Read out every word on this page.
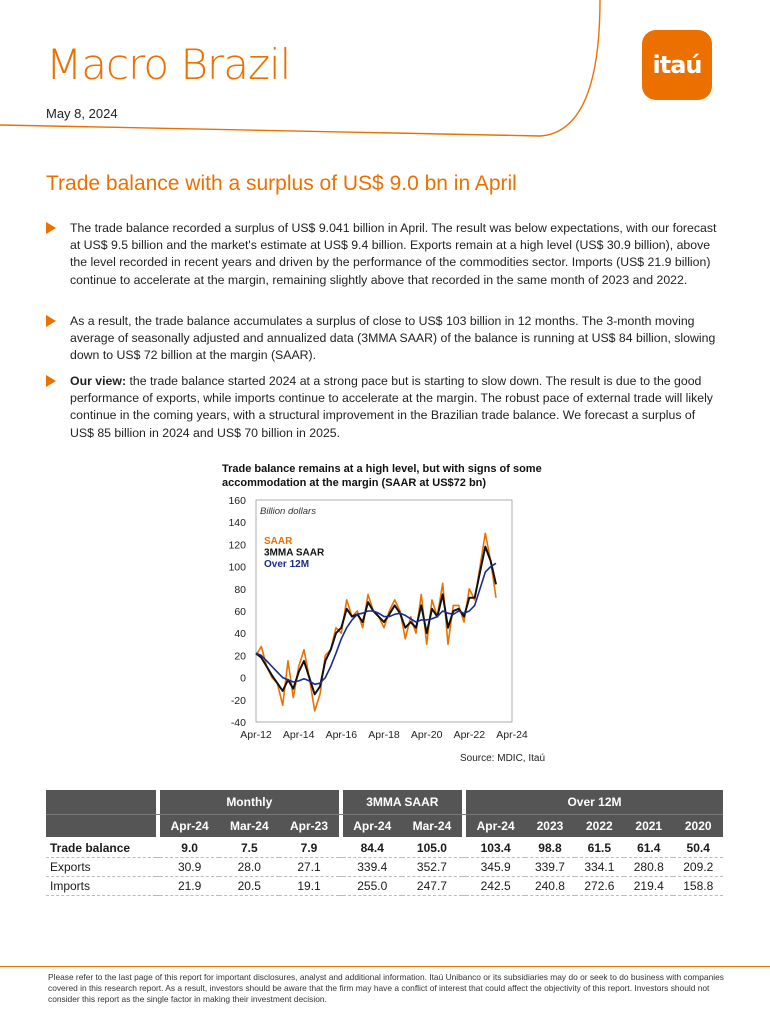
Macro Brazil
May 8, 2024
itaú
Trade balance with a surplus of US$ 9.0 bn in April
The trade balance recorded a surplus of US$ 9.041 billion in April. The result was below expectations, with our forecast at US$ 9.5 billion and the market's estimate at US$ 9.4 billion. Exports remain at a high level (US$ 30.9 billion), above the level recorded in recent years and driven by the performance of the commodities sector. Imports (US$ 21.9 billion) continue to accelerate at the margin, remaining slightly above that recorded in the same month of 2023 and 2022.
As a result, the trade balance accumulates a surplus of close to US$ 103 billion in 12 months. The 3-month moving average of seasonally adjusted and annualized data (3MMA SAAR) of the balance is running at US$ 84 billion, slowing down to US$ 72 billion at the margin (SAAR).
Our view: the trade balance started 2024 at a strong pace but is starting to slow down. The result is due to the good performance of exports, while imports continue to accelerate at the margin. The robust pace of external trade will likely continue in the coming years, with a structural improvement in the Brazilian trade balance. We forecast a surplus of US$ 85 billion in 2024 and US$ 70 billion in 2025.
Trade balance remains at a high level, but with signs of some accommodation at the margin (SAAR at US$72 bn)
160
140
120
100
80
60
40
20
0
-20
-40
Apr-12 Apr-14 Apr-16 Apr-18 Apr-20 Apr-22 Apr-24
Billion dollars
SAAR
3MMA SAAR
Over 12M
Source: MDIC, Itaú
		Monthly				3MMA SAAR			Over 12M				
		Apr-24	Mar-24	Apr-23		Apr-24	Mar-24		Apr-24	2023	2022	2021	2020
Trade balance		9.0	7.5	7.9		84.4	105.0		103.4	98.8	61.5	61.4	50.4
Exports		30.9	28.0	27.1		339.4	352.7		345.9	339.7	334.1	280.8	209.2
Imports		21.9	20.5	19.1		255.0	247.7		242.5	240.8	272.6	219.4	158.8
Please refer to the last page of this report for important disclosures, analyst and additional information. Itaú Unibanco or its subsidiaries may do or seek to do business with companies covered in this research report. As a result, investors should be aware that the firm may have a conflict of interest that could affect the objectivity of this report. Investors should not consider this report as the single factor in making their investment decision.
